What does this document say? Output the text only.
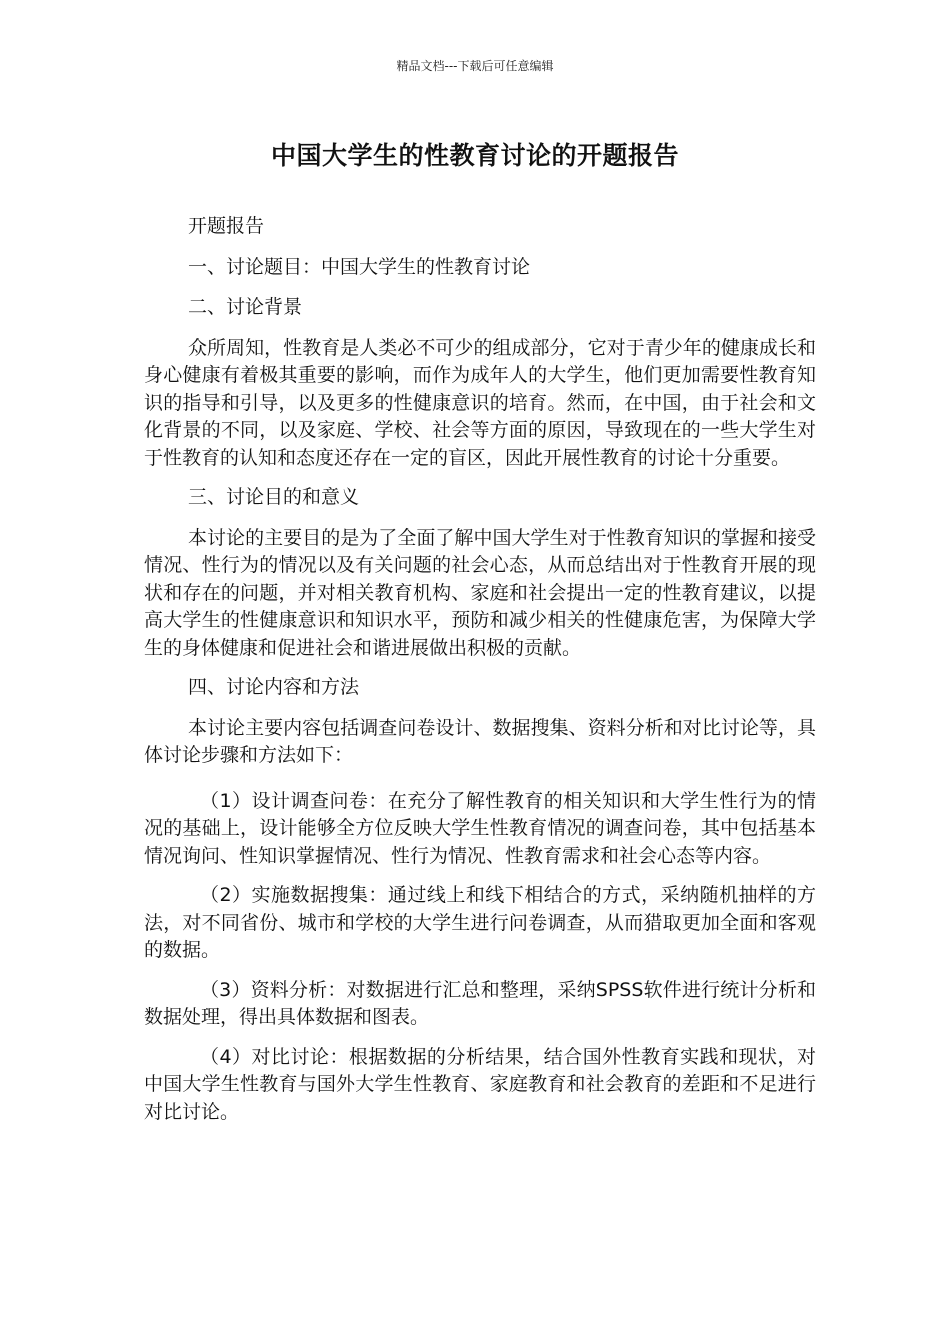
精品文档---下载后可任意编辑
中国大学生的性教育讨论的开题报告

开题报告

一、讨论题目：中国大学生的性教育讨论

二、讨论背景

众所周知，性教育是人类必不可少的组成部分，它对于青少年的健康成长和身心健康有着极其重要的影响，而作为成年人的大学生，他们更加需要性教育知识的指导和引导，以及更多的性健康意识的培育。然而，在中国，由于社会和文化背景的不同，以及家庭、学校、社会等方面的原因，导致现在的一些大学生对于性教育的认知和态度还存在一定的盲区，因此开展性教育的讨论十分重要。

三、讨论目的和意义

本讨论的主要目的是为了全面了解中国大学生对于性教育知识的掌握和接受情况、性行为的情况以及有关问题的社会心态，从而总结出对于性教育开展的现状和存在的问题，并对相关教育机构、家庭和社会提出一定的性教育建议，以提高大学生的性健康意识和知识水平，预防和减少相关的性健康危害，为保障大学生的身体健康和促进社会和谐进展做出积极的贡献。

四、讨论内容和方法

本讨论主要内容包括调查问卷设计、数据搜集、资料分析和对比讨论等，具体讨论步骤和方法如下：

（1）设计调查问卷：在充分了解性教育的相关知识和大学生性行为的情况的基础上，设计能够全方位反映大学生性教育情况的调查问卷，其中包括基本情况询问、性知识掌握情况、性行为情况、性教育需求和社会心态等内容。

（2）实施数据搜集：通过线上和线下相结合的方式，采纳随机抽样的方法，对不同省份、城市和学校的大学生进行问卷调查，从而猎取更加全面和客观的数据。

（3）资料分析：对数据进行汇总和整理，采纳SPSS软件进行统计分析和数据处理，得出具体数据和图表。

（4）对比讨论：根据数据的分析结果，结合国外性教育实践和现状，对中国大学生性教育与国外大学生性教育、家庭教育和社会教育的差距和不足进行对比讨论。
